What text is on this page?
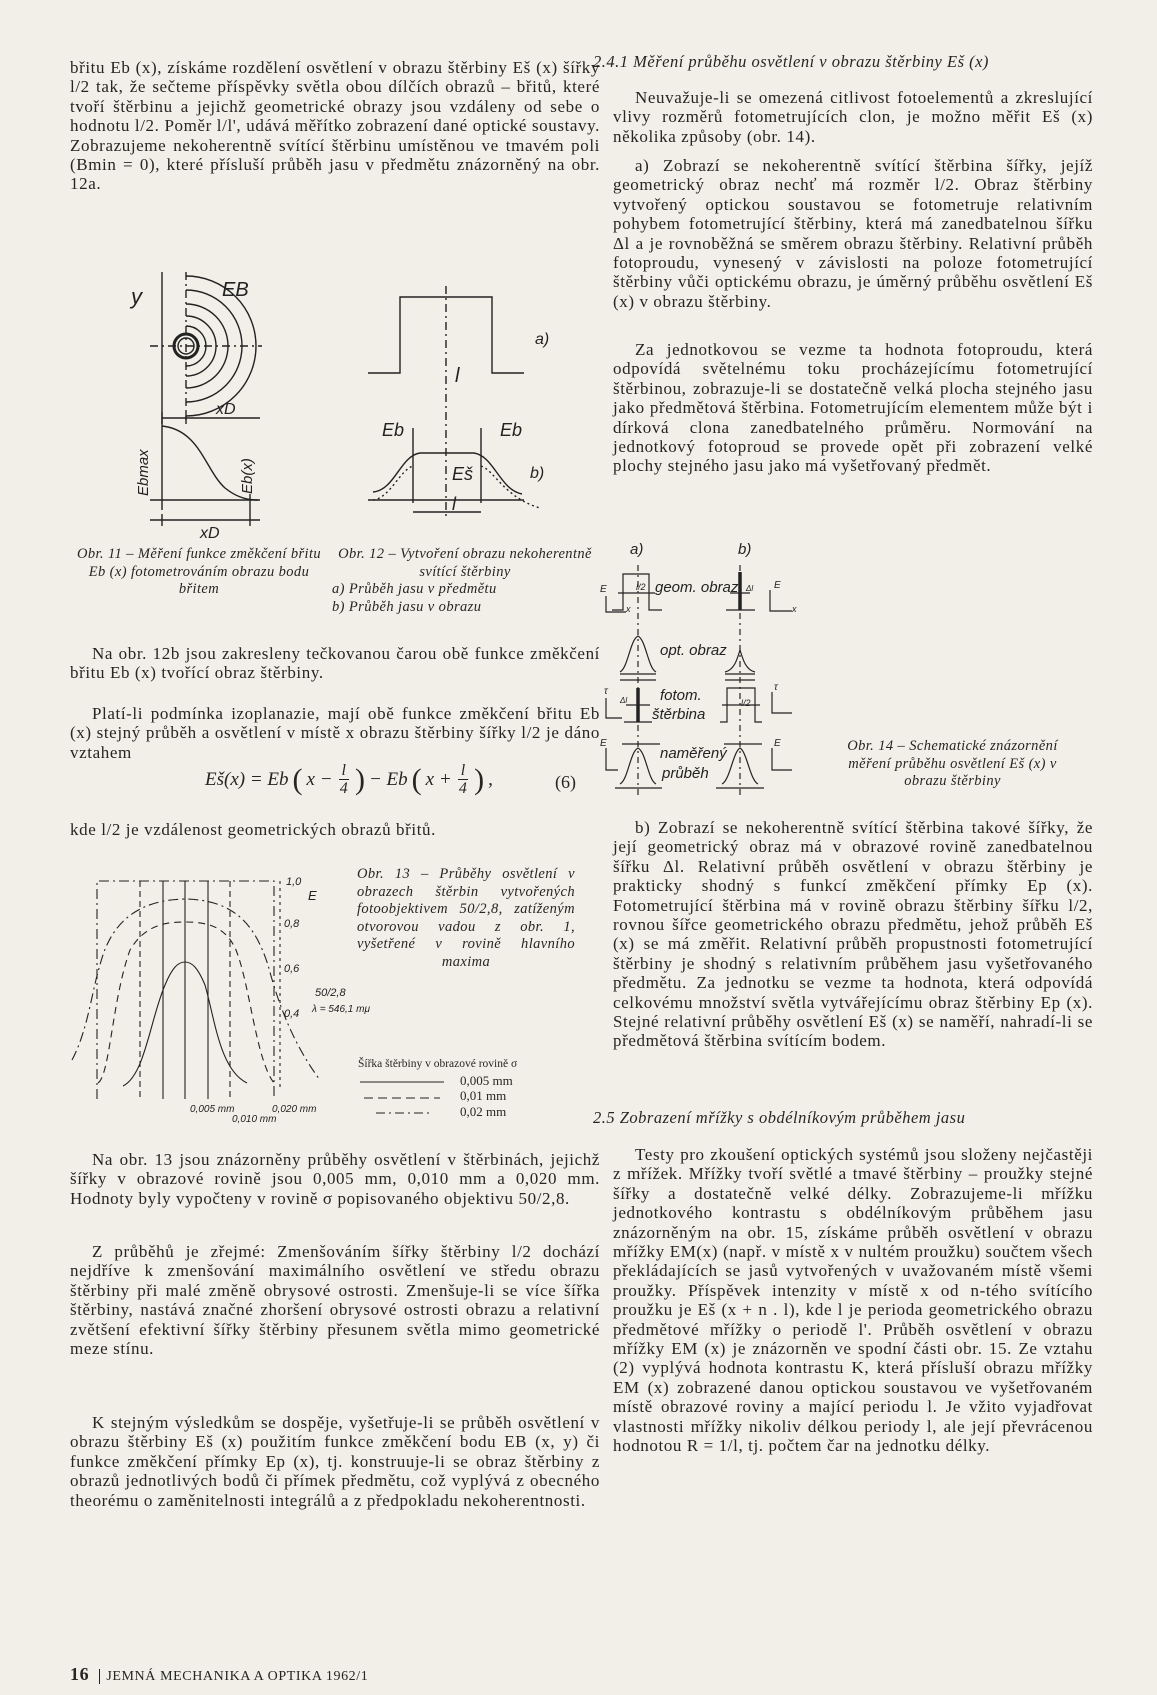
y	EB
xD
xD
Ebmax	Eb(x)
a)
l
Eb	Eb
Eš	b)
l
1,0
0,8
0,6
0,4
E
50/2,8
λ = 546,1 mμ
0,005 mm
0,010 mm
0,020 mm
a)	b)
geom. obraz
opt. obraz
fotom.
štěrbina
naměřený
průběh
l/2
l/2
Δl
Δl
E	E
x	x
τ	τ
E	E

břitu Eb (x), získáme rozdělení osvětlení v obrazu štěrbiny Eš (x) šířky l/2 tak, že sečteme příspěvky světla obou dílčích obrazů – břitů, které tvoří štěrbinu a jejichž geometrické obrazy jsou vzdáleny od sebe o hodnotu l/2. Poměr l/l', udává měřítko zobrazení dané optické soustavy. Zobrazujeme nekoherentně svítící štěrbinu umístěnou ve tmavém poli (Bmin = 0), které přísluší průběh jasu v předmětu znázorněný na obr. 12a.

Obr. 11 – Měření funkce změkčení břitu Eb (x) fotometrováním obrazu bodu břitem
Obr. 12 – Vytvoření obrazu nekoherentně svítící štěrbiny
a) Průběh jasu v předmětu
b) Průběh jasu v obrazu

Na obr. 12b jsou zakresleny tečkovanou čarou obě funkce změkčení břitu Eb (x) tvořící obraz štěrbiny.

Platí-li podmínka izoplanazie, mají obě funkce změkčení břitu Eb (x) stejný průběh a osvětlení v místě x obrazu štěrbiny šířky l/2 je dáno vztahem

Eš(x) = Eb ( $x - \frac{l}{4}$ ) − Eb ( $x + \frac{l}{4}$ ) ,	(6)

kde l/2 je vzdálenost geometrických obrazů břitů.

Obr. 13 – Průběhy osvětlení v obrazech štěrbin vytvořených fotoobjektivem 50/2,8, zatíženým otvorovou vadou z obr. 1, vyšetřené v rovině hlavního maxima
Šířka štěrbiny v obrazové rovině σ
0,005 mm
0,01 mm
0,02 mm

Na obr. 13 jsou znázorněny průběhy osvětlení v štěrbinách, jejichž šířky v obrazové rovině jsou 0,005 mm, 0,010 mm a 0,020 mm. Hodnoty byly vypočteny v rovině σ popisovaného objektivu 50/2,8.

Z průběhů je zřejmé: Zmenšováním šířky štěrbiny l/2 dochází nejdříve k zmenšování maximálního osvětlení ve středu obrazu štěrbiny při malé změně obrysové ostrosti. Zmenšuje-li se více šířka štěrbiny, nastává značné zhoršení obrysové ostrosti obrazu a relativní zvětšení efektivní šířky štěrbiny přesunem světla mimo geometrické meze stínu.

K stejným výsledkům se dospěje, vyšetřuje-li se průběh osvětlení v obrazu štěrbiny Eš (x) použitím funkce změkčení bodu EB (x, y) či funkce změkčení přímky Ep (x), tj. konstruuje-li se obraz štěrbiny z obrazů jednotlivých bodů či přímek předmětu, což vyplývá z obecného theorému o zaměnitelnosti integrálů a z předpokladu nekoherentnosti.

2.4.1 Měření průběhu osvětlení v obrazu štěrbiny Eš (x)

Neuvažuje-li se omezená citlivost fotoelementů a zkreslující vlivy rozměrů fotometrujících clon, je možno měřit Eš (x) několika způsoby (obr. 14).

a) Zobrazí se nekoherentně svítící štěrbina šířky, jejíž geometrický obraz nechť má rozměr l/2. Obraz štěrbiny vytvořený optickou soustavou se fotometruje relativním pohybem fotometrující štěrbiny, která má zanedbatelnou šířku Δl a je rovnoběžná se směrem obrazu štěrbiny. Relativní průběh fotoproudu, vynesený v závislosti na poloze fotometrující štěrbiny vůči optickému obrazu, je úměrný průběhu osvětlení Eš (x) v obrazu štěrbiny.

Za jednotkovou se vezme ta hodnota fotoproudu, která odpovídá světelnému toku procházejícímu fotometrující štěrbinou, zobrazuje-li se dostatečně velká plocha stejného jasu jako předmětová štěrbina. Fotometrujícím elementem může být i dírková clona zanedbatelného průměru. Normování na jednotkový fotoproud se provede opět při zobrazení velké plochy stejného jasu jako má vyšetřovaný předmět.

Obr. 14 – Schematické znázornění měření průběhu osvětlení Eš (x) v obrazu štěrbiny

b) Zobrazí se nekoherentně svítící štěrbina takové šířky, že její geometrický obraz má v obrazové rovině zanedbatelnou šířku Δl. Relativní průběh osvětlení v obrazu štěrbiny je prakticky shodný s funkcí změkčení přímky Ep (x). Fotometrující štěrbina má v rovině obrazu štěrbiny šířku l/2, rovnou šířce geometrického obrazu předmětu, jehož průběh Eš (x) se má změřit. Relativní průběh propustnosti fotometrující štěrbiny je shodný s relativním průběhem jasu vyšetřovaného předmětu. Za jednotku se vezme ta hodnota, která odpovídá celkovému množství světla vytvářejícímu obraz štěrbiny Ep (x). Stejné relativní průběhy osvětlení Eš (x) se naměří, nahradí-li se předmětová štěrbina svítícím bodem.

2.5 Zobrazení mřížky s obdélníkovým průběhem jasu

Testy pro zkoušení optických systémů jsou složeny nejčastěji z mřížek. Mřížky tvoří světlé a tmavé štěrbiny – proužky stejné šířky a dostatečně velké délky. Zobrazujeme-li mřížku jednotkového kontrastu s obdélníkovým průběhem jasu znázorněným na obr. 15, získáme průběh osvětlení v obrazu mřížky EM(x) (např. v místě x v nultém proužku) součtem všech překládajících se jasů vytvořených v uvažovaném místě všemi proužky. Příspěvek intenzity v místě x od n-tého svítícího proužku je Eš (x + n . l), kde l je perioda geometrického obrazu předmětové mřížky o periodě l'. Průběh osvětlení v obrazu mřížky EM (x) je znázorněn ve spodní části obr. 15. Ze vztahu (2) vyplývá hodnota kontrastu K, která přísluší obrazu mřížky EM (x) zobrazené danou optickou soustavou ve vyšetřovaném místě obrazové roviny a mající periodu l. Je vžito vyjadřovat vlastnosti mřížky nikoliv délkou periody l, ale její převrácenou hodnotou R = 1/l, tj. počtem čar na jednotku délky.

16 JEMNÁ MECHANIKA A OPTIKA 1962/1
